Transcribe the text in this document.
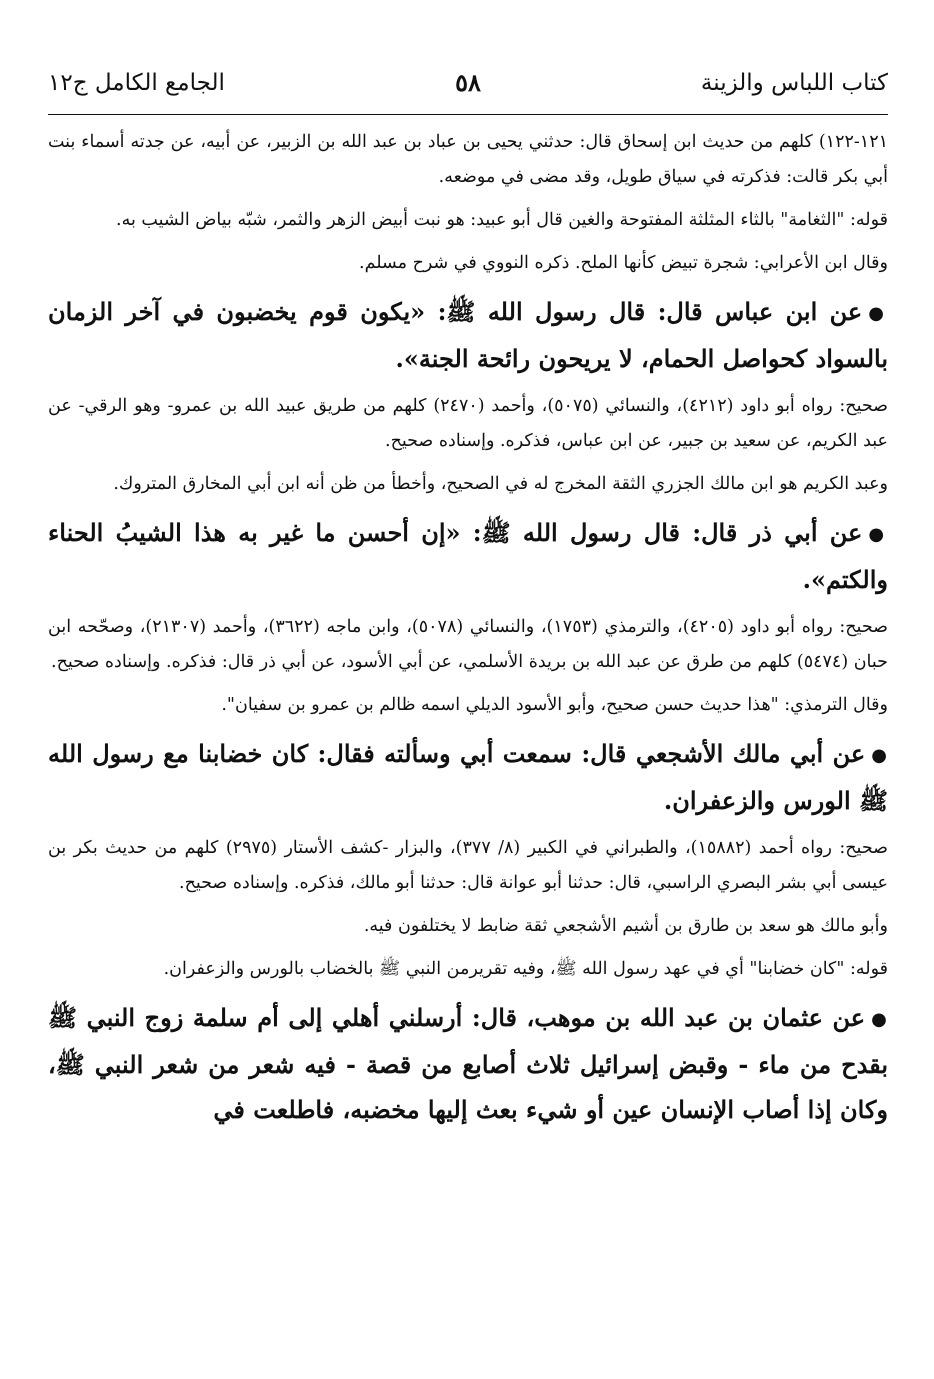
كتاب اللباس والزينة
٥٨
الجامع الكامل ج١٢

١٢١-١٢٢) كلهم من حديث ابن إسحاق قال: حدثني يحيى بن عباد بن عبد الله بن الزبير، عن أبيه، عن جدته أسماء بنت أبي بكر قالت: فذكرته في سياق طويل، وقد مضى في موضعه.

قوله: "الثغامة" بالثاء المثلثة المفتوحة والغين قال أبو عبيد: هو نبت أبيض الزهر والثمر، شبّه بياض الشيب به.

وقال ابن الأعرابي: شجرة تبيض كأنها الملح. ذكره النووي في شرح مسلم.

●عن ابن عباس قال: قال رسول الله ﷺ: «يكون قوم يخضبون في آخر الزمان بالسواد كحواصل الحمام، لا يريحون رائحة الجنة».

صحيح: رواه أبو داود (٤٢١٢)، والنسائي (٥٠٧٥)، وأحمد (٢٤٧٠) كلهم من طريق عبيد الله بن عمرو- وهو الرقي- عن عبد الكريم، عن سعيد بن جبير، عن ابن عباس، فذكره. وإسناده صحيح.

وعبد الكريم هو ابن مالك الجزري الثقة المخرج له في الصحيح، وأخطأ من ظن أنه ابن أبي المخارق المتروك.

●عن أبي ذر قال: قال رسول الله ﷺ: «إن أحسن ما غير به هذا الشيبُ الحناء والكتم».

صحيح: رواه أبو داود (٤٢٠٥)، والترمذي (١٧٥٣)، والنسائي (٥٠٧٨)، وابن ماجه (٣٦٢٢)، وأحمد (٢١٣٠٧)، وصحّحه ابن حبان (٥٤٧٤) كلهم من طرق عن عبد الله بن بريدة الأسلمي، عن أبي الأسود، عن أبي ذر قال: فذكره. وإسناده صحيح.

وقال الترمذي: "هذا حديث حسن صحيح، وأبو الأسود الديلي اسمه ظالم بن عمرو بن سفيان".

●عن أبي مالك الأشجعي قال: سمعت أبي وسألته فقال: كان خضابنا مع رسول الله ﷺ الورس والزعفران.

صحيح: رواه أحمد (١٥٨٨٢)، والطبراني في الكبير (٨/ ٣٧٧)، والبزار -كشف الأستار (٢٩٧٥) كلهم من حديث بكر بن عيسى أبي بشر البصري الراسبي، قال: حدثنا أبو عوانة قال: حدثنا أبو مالك، فذكره. وإسناده صحيح.

وأبو مالك هو سعد بن طارق بن أشيم الأشجعي ثقة ضابط لا يختلفون فيه.

قوله: "كان خضابنا" أي في عهد رسول الله ﷺ، وفيه تقريرمن النبي ﷺ بالخضاب بالورس والزعفران.

●عن عثمان بن عبد الله بن موهب، قال: أرسلني أهلي إلى أم سلمة زوج النبي ﷺ بقدح من ماء - وقبض إسرائيل ثلاث أصابع من قصة - فيه شعر من شعر النبي ﷺ، وكان إذا أصاب الإنسان عين أو شيء بعث إليها مخضبه، فاطلعت في
